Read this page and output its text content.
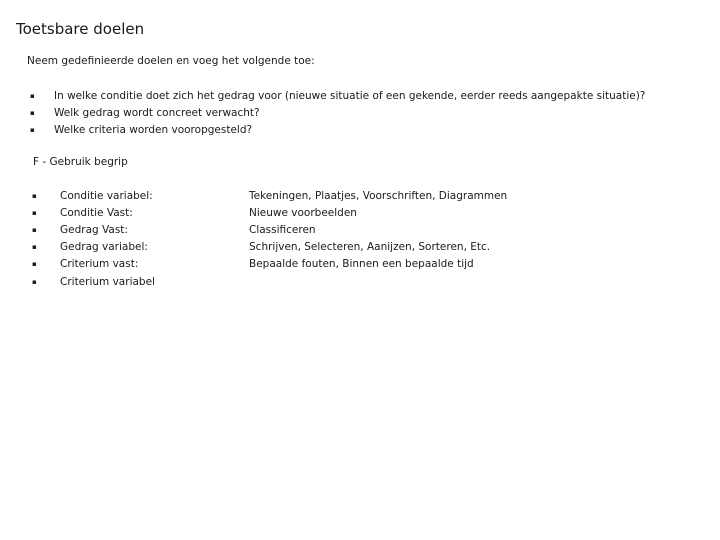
Toetsbare doelen
Neem gedefinieerde doelen en voeg het volgende toe:
▪	In welke conditie doet zich het gedrag voor (nieuwe situatie of een gekende, eerder reeds aangepakte situatie)?
▪	Welk gedrag wordt concreet verwacht?
▪	Welke criteria worden vooropgesteld?
F - Gebruik begrip
▪	Conditie variabel:	Tekeningen, Plaatjes, Voorschriften, Diagrammen
▪	Conditie Vast:	Nieuwe voorbeelden
▪	Gedrag Vast:	Classificeren
▪	Gedrag variabel:	Schrijven, Selecteren, Aanijzen, Sorteren, Etc.
▪	Criterium vast:	Bepaalde fouten, Binnen een bepaalde tijd
▪	Criterium variabel
